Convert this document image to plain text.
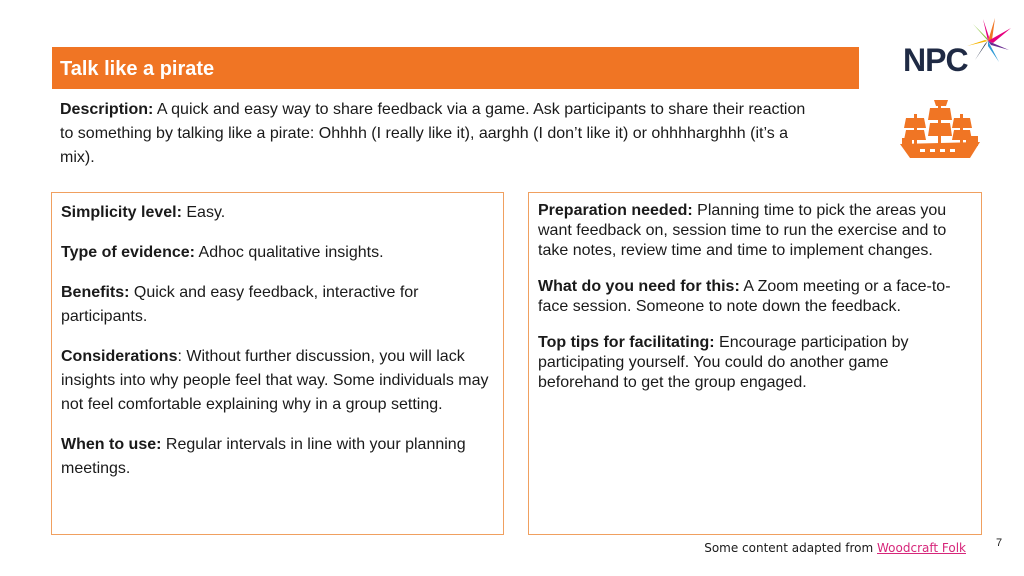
Talk like a pirate	NPC
Description: A quick and easy way to share feedback via a game. Ask participants to share their reaction to something by talking like a pirate: Ohhhh (I really like it), aarghh (I don’t like it) or ohhhharghhh (it’s a mix).
Simplicity level: Easy.
Type of evidence: Adhoc qualitative insights.
Benefits: Quick and easy feedback, interactive for participants.
Considerations: Without further discussion, you will lack insights into why people feel that way. Some individuals may not feel comfortable explaining why in a group setting.
When to use: Regular intervals in line with your planning meetings.
Preparation needed: Planning time to pick the areas you want feedback on, session time to run the exercise and to take notes, review time and time to implement changes.
What do you need for this: A Zoom meeting or a face-to-face session. Someone to note down the feedback.
Top tips for facilitating: Encourage participation by participating yourself. You could do another game beforehand to get the group engaged.
Some content adapted from Woodcraft Folk	7
